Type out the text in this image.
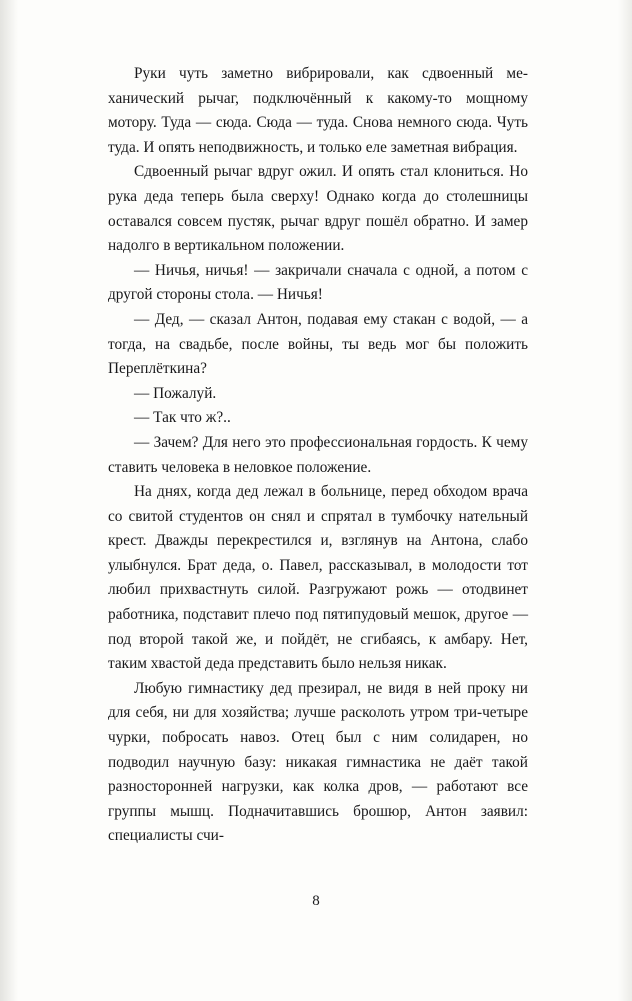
Руки чуть заметно вибрировали, как сдвоенный механический рычаг, подключённый к какому-то мощному мотору. Туда — сюда. Сюда — туда. Снова немного сюда. Чуть туда. И опять неподвижность, и только еле заметная вибрация.

Сдвоенный рычаг вдруг ожил. И опять стал клониться. Но рука деда теперь была сверху! Однако когда до столешницы оставался совсем пустяк, рычаг вдруг пошёл обратно. И замер надолго в вертикальном положении.

— Ничья, ничья! — закричали сначала с одной, а потом с другой стороны стола. — Ничья!

— Дед, — сказал Антон, подавая ему стакан с водой, — а тогда, на свадьбе, после войны, ты ведь мог бы положить Переплёткина?

— Пожалуй.

— Так что ж?..

— Зачем? Для него это профессиональная гордость. К чему ставить человека в неловкое положение.

На днях, когда дед лежал в больнице, перед обходом врача со свитой студентов он снял и спрятал в тумбочку нательный крест. Дважды перекрестился и, взглянув на Антона, слабо улыбнулся. Брат деда, о. Павел, рассказывал, в молодости тот любил прихвастнуть силой. Разгружают рожь — отодвинет работника, подставит плечо под пятипудовый мешок, другое — под второй такой же, и пойдёт, не сгибаясь, к амбару. Нет, таким хвастой деда представить было нельзя никак.

Любую гимнастику дед презирал, не видя в ней проку ни для себя, ни для хозяйства; лучше расколоть утром три-четыре чурки, побросать навоз. Отец был с ним солидарен, но подводил научную базу: никакая гимнастика не даёт такой разносторонней нагрузки, как колка дров, — работают все группы мышц. Подначитавшись брошюр, Антон заявил: специалисты счи-

8
